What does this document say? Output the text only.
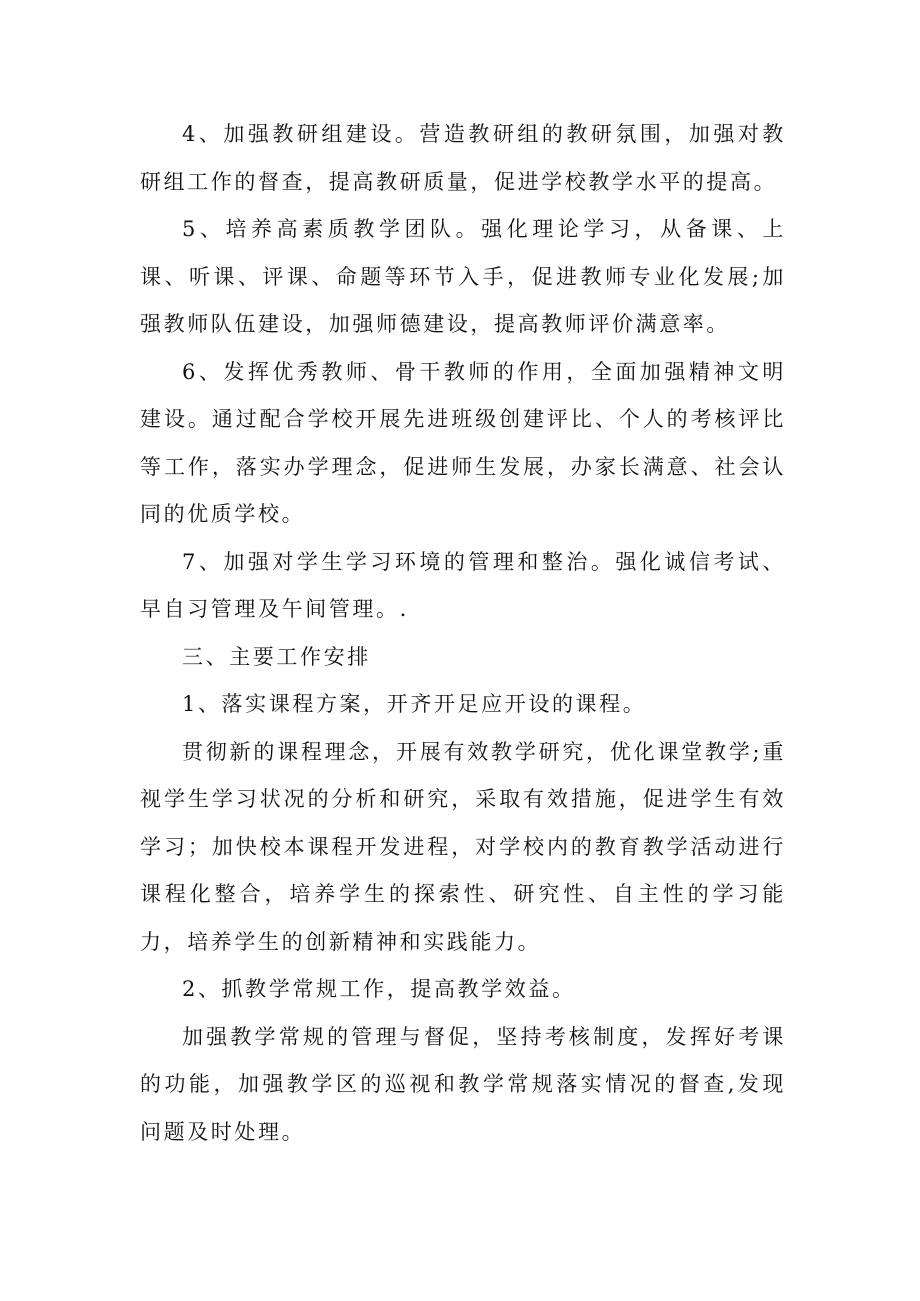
4、加强教研组建设。营造教研组的教研氛围，加强对教研组工作的督查，提高教研质量，促进学校教学水平的提高。

5、培养高素质教学团队。强化理论学习，从备课、上课、听课、评课、命题等环节入手，促进教师专业化发展;加强教师队伍建设，加强师德建设，提高教师评价满意率。

6、发挥优秀教师、骨干教师的作用，全面加强精神文明建设。通过配合学校开展先进班级创建评比、个人的考核评比等工作，落实办学理念，促进师生发展，办家长满意、社会认同的优质学校。

7、加强对学生学习环境的管理和整治。强化诚信考试、早自习管理及午间管理。.

三、主要工作安排

1、落实课程方案，开齐开足应开设的课程。

贯彻新的课程理念，开展有效教学研究，优化课堂教学;重视学生学习状况的分析和研究，采取有效措施，促进学生有效学习；加快校本课程开发进程，对学校内的教育教学活动进行课程化整合，培养学生的探索性、研究性、自主性的学习能力，培养学生的创新精神和实践能力。

2、抓教学常规工作，提高教学效益。

加强教学常规的管理与督促，坚持考核制度，发挥好考课的功能，加强教学区的巡视和教学常规落实情况的督查,发现问题及时处理。
